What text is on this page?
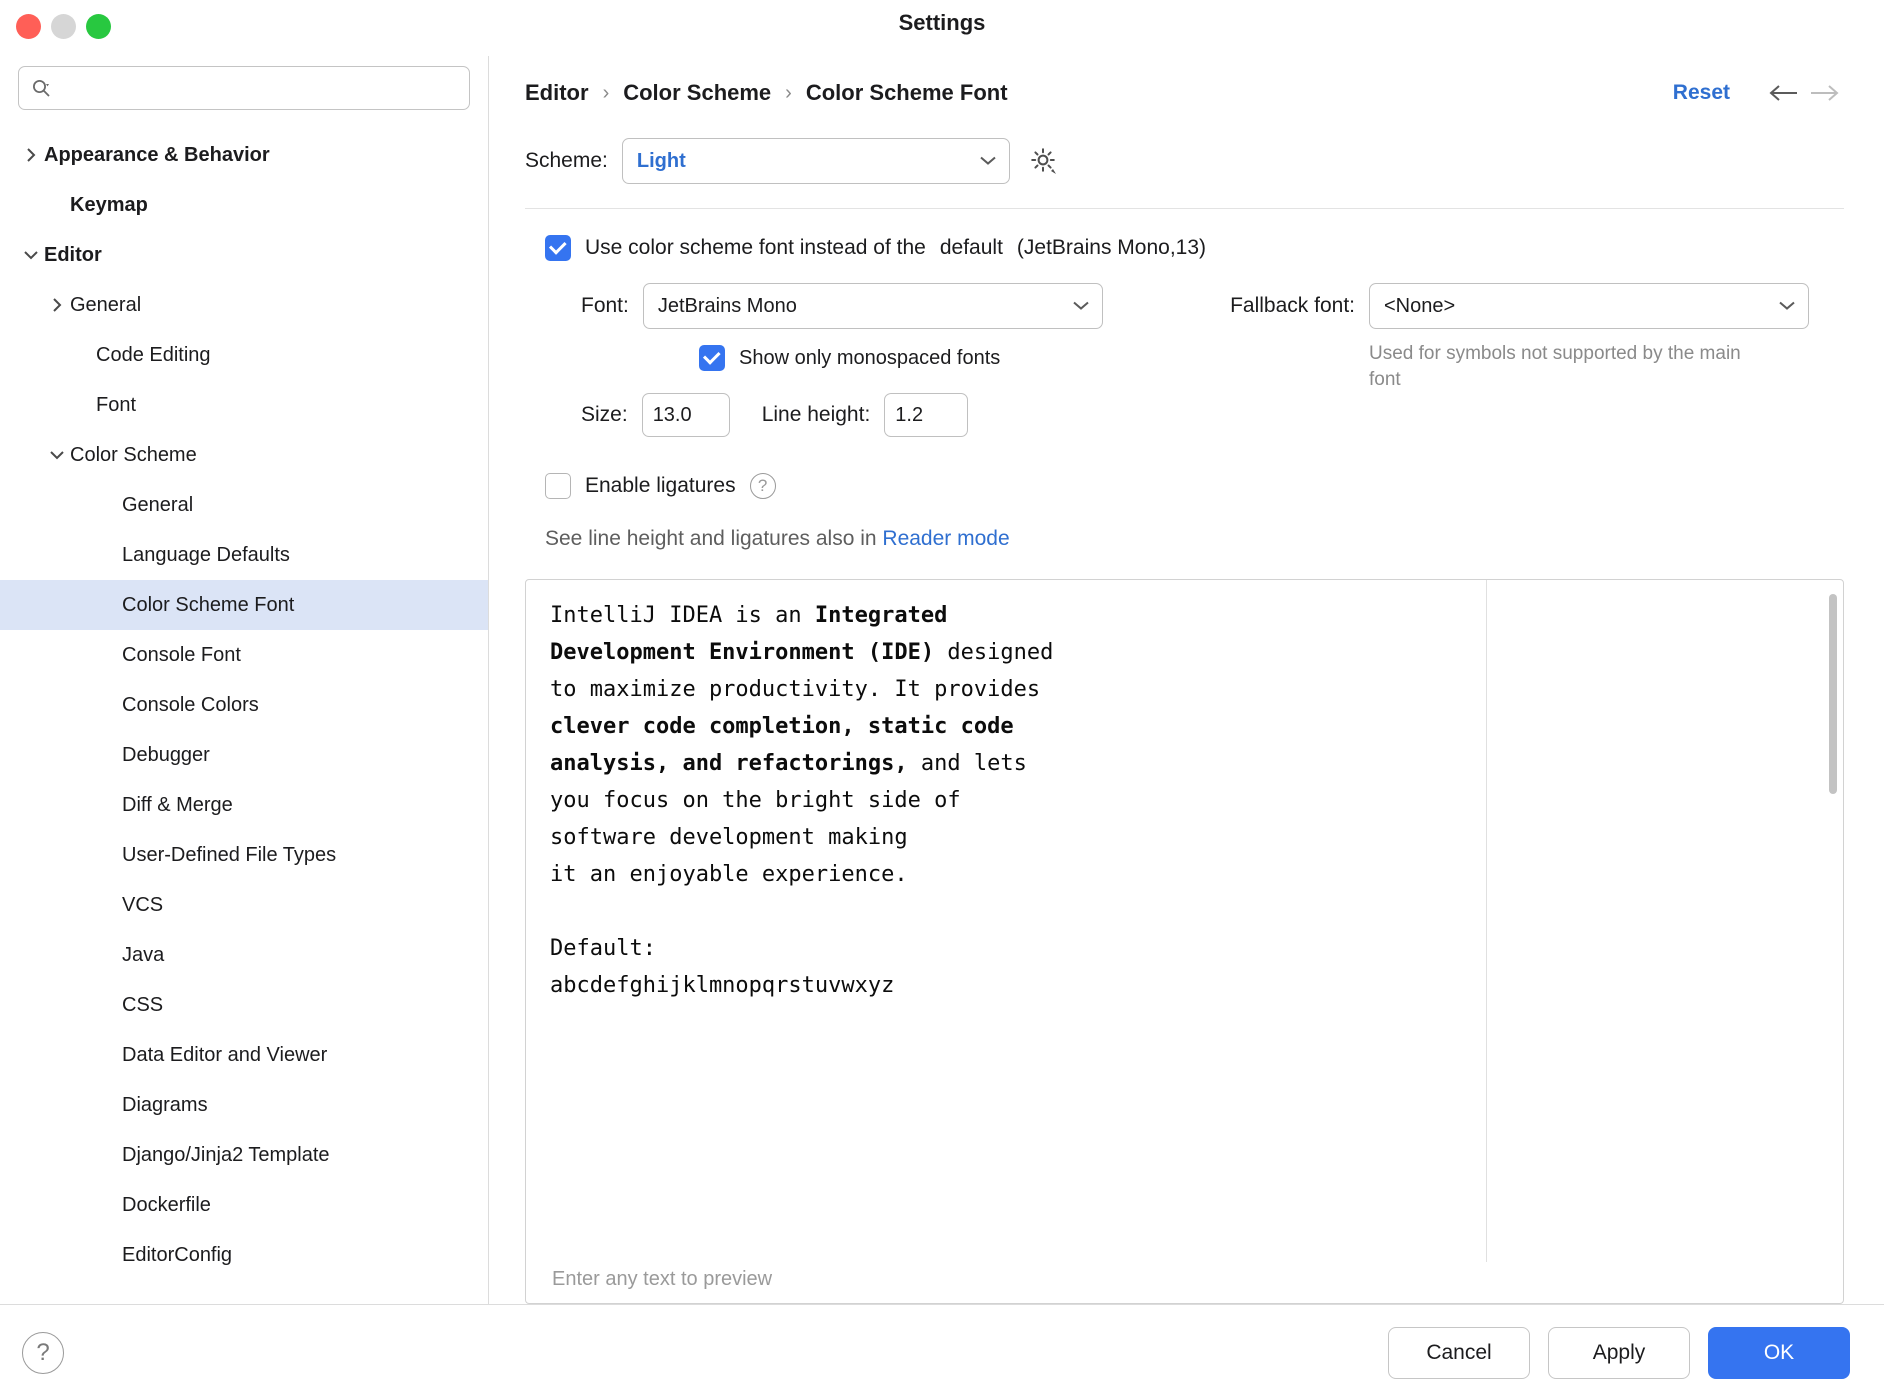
Settings
Appearance & Behavior
Keymap
Editor
General
Code Editing
Font
Color Scheme
General
Language Defaults
Color Scheme Font
Console Font
Console Colors
Debugger
Diff & Merge
User-Defined File Types
VCS
Java
CSS
Data Editor and Viewer
Diagrams
Django/Jinja2 Template
Dockerfile
EditorConfig
Editor › Color Scheme › Color Scheme Font	Reset
Scheme: Light
Use color scheme font instead of the default (JetBrains Mono,13)
Font: JetBrains Mono
Show only monospaced fonts
Size:	13.0	Line height:	1.2
Fallback font: <None>
Used for symbols not supported by the main font
Enable ligatures	?
See line height and ligatures also in Reader mode
IntelliJ IDEA is an Integrated
Development Environment (IDE) designed
to maximize productivity. It provides
clever code completion, static code
analysis, and refactorings, and lets
you focus on the bright side of
software development making
it an enjoyable experience.

Default:
abcdefghijklmnopqrstuvwxyz
Enter any text to preview
?	Cancel	Apply	OK
